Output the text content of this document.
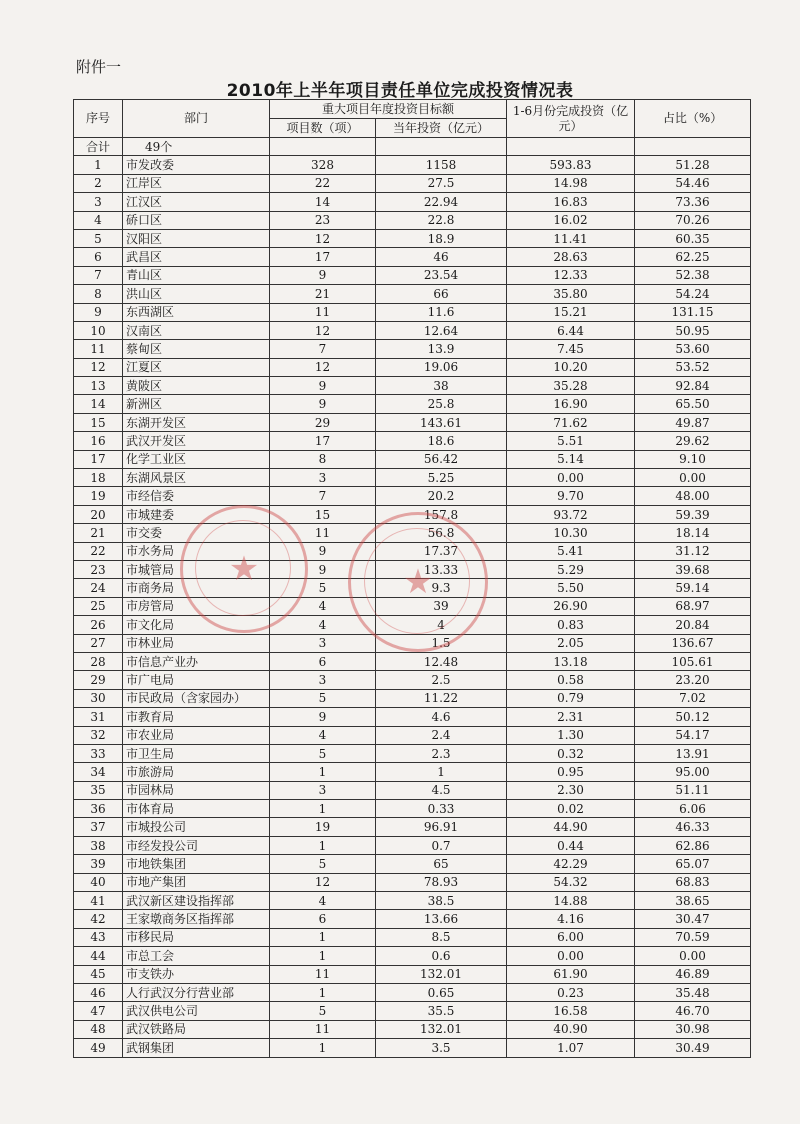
附件一
2010年上半年项目责任单位完成投资情况表
序号	部门	重大项目年度投资目标额		1-6月份完成投资（亿元）	占比（%）
		项目数（项）	当年投资（亿元）		
合计	49个				
1	市发改委	328	1158	593.83	51.28
2	江岸区	22	27.5	14.98	54.46
3	江汉区	14	22.94	16.83	73.36
4	硚口区	23	22.8	16.02	70.26
5	汉阳区	12	18.9	11.41	60.35
6	武昌区	17	46	28.63	62.25
7	青山区	9	23.54	12.33	52.38
8	洪山区	21	66	35.80	54.24
9	东西湖区	11	11.6	15.21	131.15
10	汉南区	12	12.64	6.44	50.95
11	蔡甸区	7	13.9	7.45	53.60
12	江夏区	12	19.06	10.20	53.52
13	黄陂区	9	38	35.28	92.84
14	新洲区	9	25.8	16.90	65.50
15	东湖开发区	29	143.61	71.62	49.87
16	武汉开发区	17	18.6	5.51	29.62
17	化学工业区	8	56.42	5.14	9.10
18	东湖风景区	3	5.25	0.00	0.00
19	市经信委	7	20.2	9.70	48.00
20	市城建委	15	157.8	93.72	59.39
21	市交委	11	56.8	10.30	18.14
22	市水务局	9	17.37	5.41	31.12
23	市城管局	9	13.33	5.29	39.68
24	市商务局	5	9.3	5.50	59.14
25	市房管局	4	39	26.90	68.97
26	市文化局	4	4	0.83	20.84
27	市林业局	3	1.5	2.05	136.67
28	市信息产业办	6	12.48	13.18	105.61
29	市广电局	3	2.5	0.58	23.20
30	市民政局（含家园办）	5	11.22	0.79	7.02
31	市教育局	9	4.6	2.31	50.12
32	市农业局	4	2.4	1.30	54.17
33	市卫生局	5	2.3	0.32	13.91
34	市旅游局	1	1	0.95	95.00
35	市园林局	3	4.5	2.30	51.11
36	市体育局	1	0.33	0.02	6.06
37	市城投公司	19	96.91	44.90	46.33
38	市经发投公司	1	0.7	0.44	62.86
39	市地铁集团	5	65	42.29	65.07
40	市地产集团	12	78.93	54.32	68.83
41	武汉新区建设指挥部	4	38.5	14.88	38.65
42	王家墩商务区指挥部	6	13.66	4.16	30.47
43	市移民局	1	8.5	6.00	70.59
44	市总工会	1	0.6	0.00	0.00
45	市支铁办	11	132.01	61.90	46.89
46	人行武汉分行营业部	1	0.65	0.23	35.48
47	武汉供电公司	5	35.5	16.58	46.70
48	武汉铁路局	11	132.01	40.90	30.98
49	武钢集团	1	3.5	1.07	30.49
★	★
